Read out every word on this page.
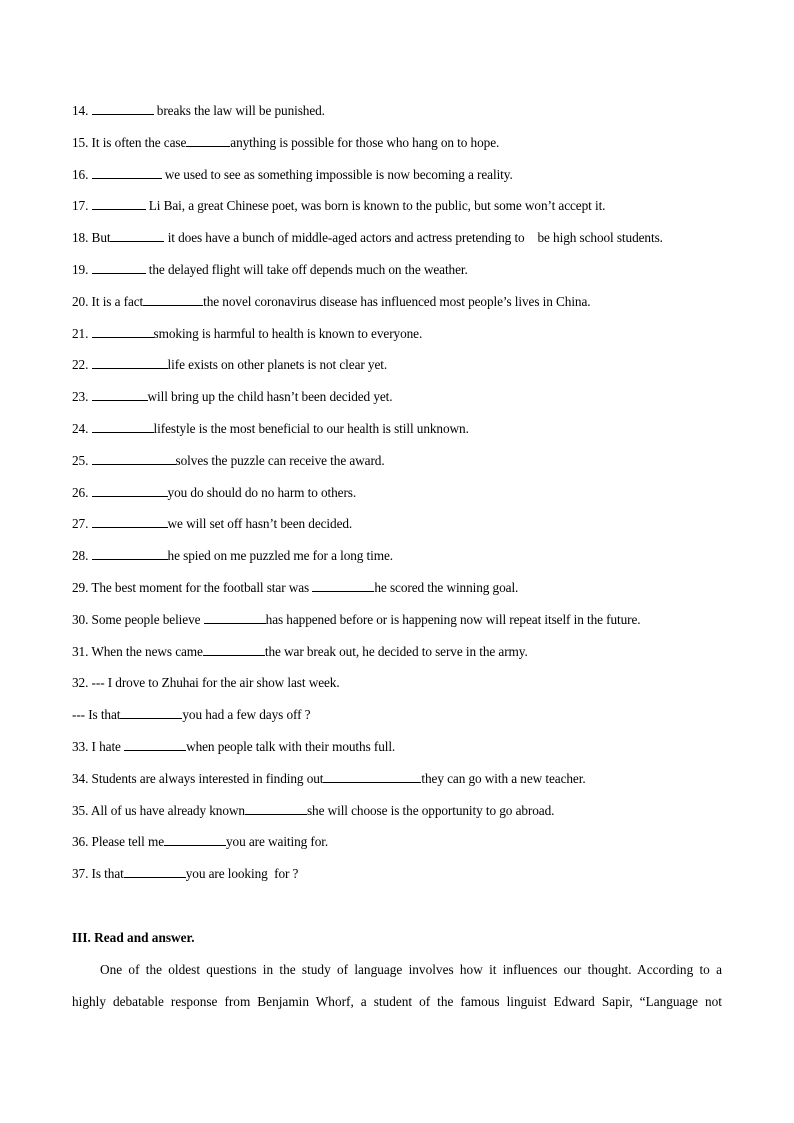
14.	breaks the law will be punished.
15. It is often the case	anything is possible for those who hang on to hope.
16.	we used to see as something impossible is now becoming a reality.
17.	Li Bai, a great Chinese poet, was born is known to the public, but some won’t accept it.
18. But	it does have a bunch of middle-aged actors and actress pretending to    be high school students.
19.	the delayed flight will take off depends much on the weather.
20. It is a fact	the novel coronavirus disease has influenced most people’s lives in China.
21.	smoking is harmful to health is known to everyone.
22.	life exists on other planets is not clear yet.
23.	will bring up the child hasn’t been decided yet.
24.	lifestyle is the most beneficial to our health is still unknown.
25.	solves the puzzle can receive the award.
26.	you do should do no harm to others.
27.	we will set off hasn’t been decided.
28.	he spied on me puzzled me for a long time.
29. The best moment for the football star was	he scored the winning goal.
30. Some people believe	has happened before or is happening now will repeat itself in the future.
31. When the news came	the war break out, he decided to serve in the army.
32. --- I drove to Zhuhai for the air show last week.
--- Is that	you had a few days off ?
33. I hate	when people talk with their mouths full.
34. Students are always interested in finding out	they can go with a new teacher.
35. All of us have already known	she will choose is the opportunity to go abroad.
36. Please tell me	you are waiting for.
37. Is that	you are looking  for ?
III. Read and answer.
One of the oldest questions in the study of language involves how it influences our thought. According to a
highly debatable response from Benjamin Whorf, a student of the famous linguist Edward Sapir, “Language not
